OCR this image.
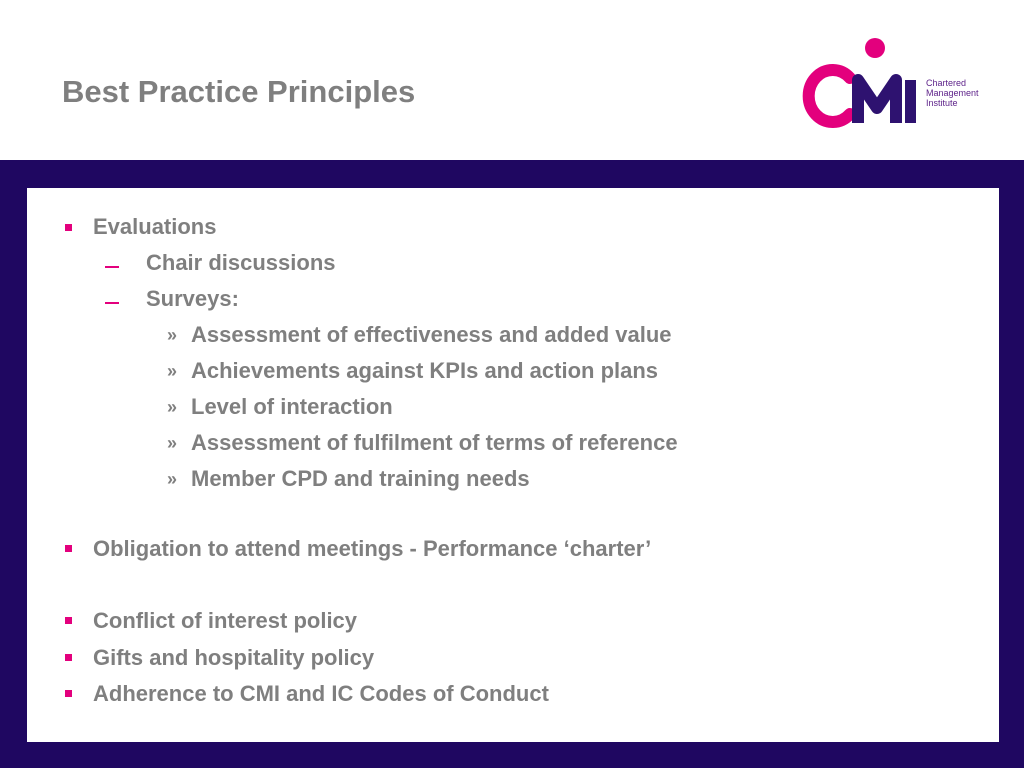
Best Practice Principles	Chartered
Management
Institute
Evaluations
Chair discussions
Surveys:
» Assessment of effectiveness and added value
» Achievements against KPIs and action plans
» Level of interaction
» Assessment of fulfilment of terms of reference
» Member CPD and training needs
Obligation to attend meetings - Performance ‘charter’
Conflict of interest policy
Gifts and hospitality policy
Adherence to CMI and IC Codes of Conduct
